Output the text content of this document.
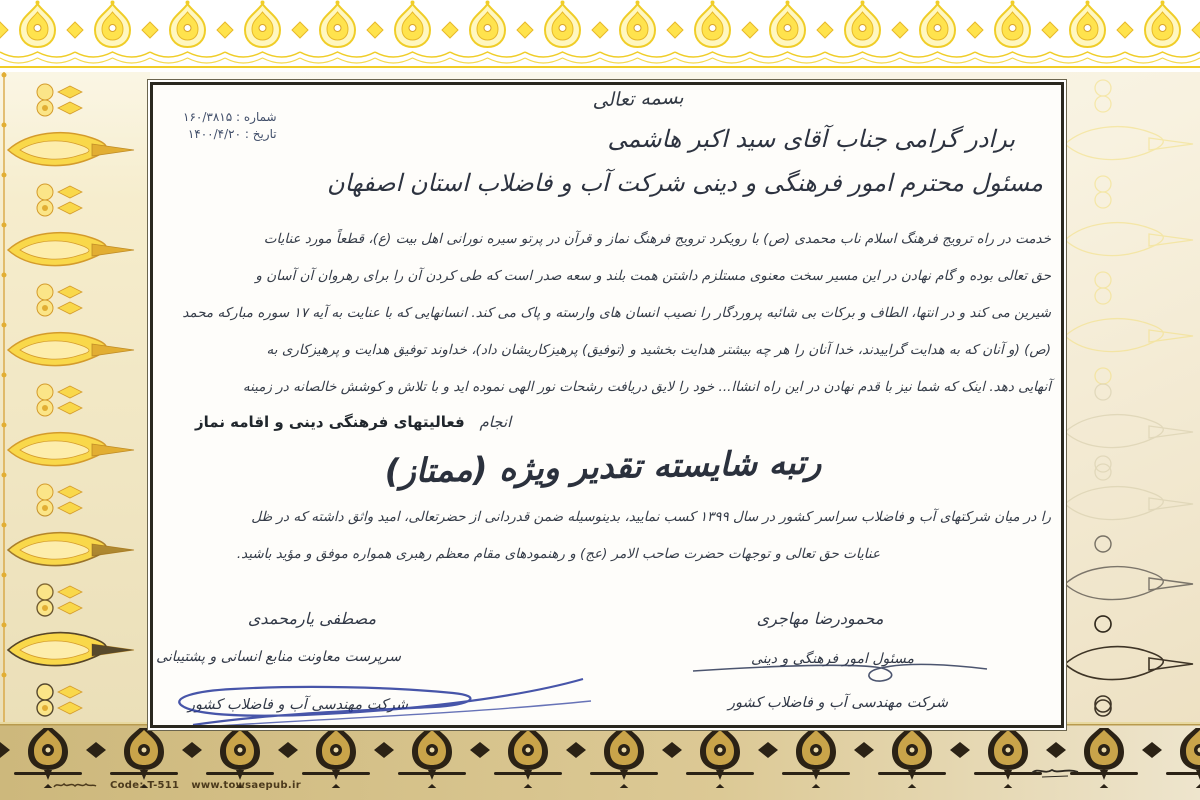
بسمه تعالی
شماره : ۱۶۰/۳۸۱۵
تاریخ : ۱۴۰۰/۴/۲۰	برادر گرامی جناب آقای سید اکبر هاشمی
مسئول محترم امور فرهنگی و دینی شرکت آب و فاضلاب استان اصفهان
خدمت در راه ترویج فرهنگ اسلام ناب محمدی (ص) با رویکرد ترویج فرهنگ نماز و قرآن در پرتو سیره نورانی اهل بیت (ع)، قطعاً مورد عنایات
حق تعالی بوده و گام نهادن در این مسیر سخت معنوی مستلزم داشتن همت بلند و سعه صدر است که طی کردن آن را برای رهروان آن آسان و
شیرین می کند و در انتها، الطاف و برکات بی شائبه پروردگار را نصیب انسان های وارسته و پاک می کند. انسانهایی که با عنایت به آیه ۱۷ سوره مبارکه محمد
(ص) (و آنان که به هدایت گراییدند، خدا آنان را هر چه بیشتر هدایت بخشید و (توفیق) پرهیزکاریشان داد)، خداوند توفیق هدایت و پرهیزکاری به
آنهایی دهد. اینک که شما نیز با قدم نهادن در این راه انشاا... خود را لایق دریافت رشحات نور الهی نموده اید و با تلاش و کوشش خالصانه در زمینه
انجام فعالیتهای فرهنگی دینی و اقامه نماز
رتبه شایسته تقدیر ویژه (ممتاز)
را در میان شرکتهای آب و فاضلاب سراسر کشور در سال ۱۳۹۹ کسب نمایید، بدینوسیله ضمن قدردانی از حضرتعالی، امید واثق داشته که در ظل
عنایات حق تعالی و توجهات حضرت صاحب الامر (عج) و رهنمودهای مقام معظم رهبری همواره موفق و مؤید باشید.
مصطفی یارمحمدی
سرپرست معاونت منابع انسانی و پشتیبانی
شرکت مهندسی آب و فاضلاب کشور
محمودرضا مهاجری
مسئول امور فرهنگی و دینی
شرکت مهندسی آب و فاضلاب کشور
Code: T-511 www.towsaepub.ir
